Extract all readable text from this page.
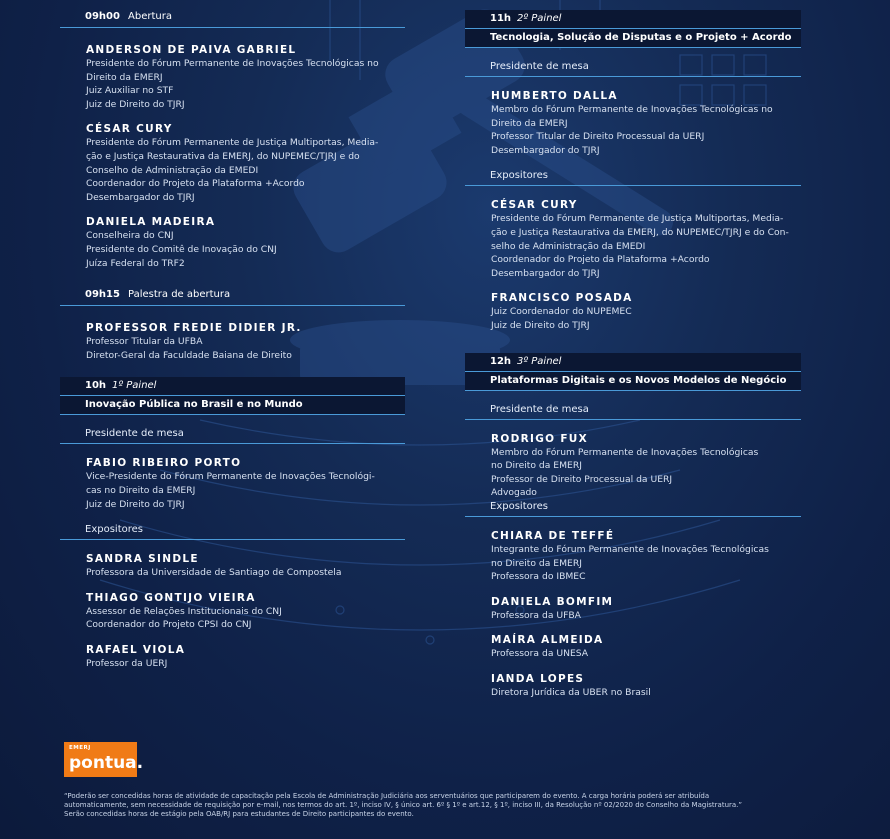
09h00 Abertura
ANDERSON DE PAIVA GABRIEL
Presidente do Fórum Permanente de Inovações Tecnológicas no
Direito da EMERJ
Juiz Auxiliar no STF
Juiz de Direito do TJRJ
CÉSAR CURY
Presidente do Fórum Permanente de Justiça Multiportas, Media-
ção e Justiça Restaurativa da EMERJ, do NUPEMEC/TJRJ e do
Conselho de Administração da EMEDI
Coordenador do Projeto da Plataforma +Acordo
Desembargador do TJRJ
DANIELA MADEIRA
Conselheira do CNJ
Presidente do Comitê de Inovação do CNJ
Juíza Federal do TRF2
09h15 Palestra de abertura
PROFESSOR FREDIE DIDIER JR.
Professor Titular da UFBA
Diretor-Geral da Faculdade Baiana de Direito
10h 1º Painel
Inovação Pública no Brasil e no Mundo
Presidente de mesa
FABIO RIBEIRO PORTO
Vice-Presidente do Fórum Permanente de Inovações Tecnológi-
cas no Direito da EMERJ
Juiz de Direito do TJRJ
Expositores
SANDRA SINDLE
Professora da Universidade de Santiago de Compostela
THIAGO GONTIJO VIEIRA
Assessor de Relações Institucionais do CNJ
Coordenador do Projeto CPSI do CNJ
RAFAEL VIOLA
Professor da UERJ
11h 2º Painel
Tecnologia, Solução de Disputas e o Projeto + Acordo
Presidente de mesa
HUMBERTO DALLA
Membro do Fórum Permanente de Inovações Tecnológicas no
Direito da EMERJ
Professor Titular de Direito Processual da UERJ
Desembargador do TJRJ
Expositores
CÉSAR CURY
Presidente do Fórum Permanente de Justiça Multiportas, Media-
ção e Justiça Restaurativa da EMERJ, do NUPEMEC/TJRJ e do Con-
selho de Administração da EMEDI
Coordenador do Projeto da Plataforma +Acordo
Desembargador do TJRJ
FRANCISCO POSADA
Juiz Coordenador do NUPEMEC
Juiz de Direito do TJRJ
12h 3º Painel
Plataformas Digitais e os Novos Modelos de Negócio
Presidente de mesa
RODRIGO FUX
Membro do Fórum Permanente de Inovações Tecnológicas
no Direito da EMERJ
Professor de Direito Processual da UERJ
Advogado
Expositores
CHIARA DE TEFFÉ
Integrante do Fórum Permanente de Inovações Tecnológicas
no Direito da EMERJ
Professora do IBMEC
DANIELA BOMFIM
Professora da UFBA
MAÍRA ALMEIDA
Professora da UNESA
IANDA LOPES
Diretora Jurídica da UBER no Brasil
EMERJ
pontua.
“Poderão ser concedidas horas de atividade de capacitação pela Escola de Administração Judiciária aos serventuários que participarem do evento. A carga horária poderá ser atribuída
automaticamente, sem necessidade de requisição por e-mail, nos termos do art. 1º, inciso IV, § único art. 6º § 1º e art.12, § 1º, inciso III, da Resolução nº 02/2020 do Conselho da Magistratura.”
Serão concedidas horas de estágio pela OAB/RJ para estudantes de Direito participantes do evento.
